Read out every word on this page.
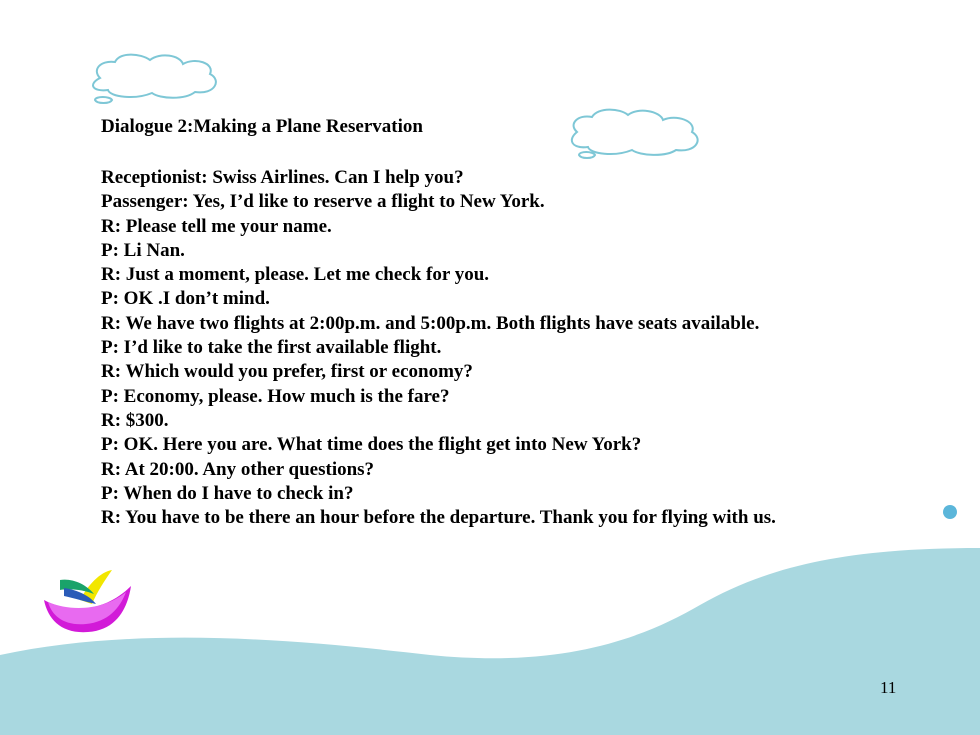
Dialogue 2:Making a Plane Reservation
Receptionist: Swiss Airlines. Can I help you?
Passenger: Yes, I’d like to reserve a flight to New York.
R: Please tell me your name.
P: Li Nan.
R: Just a moment, please. Let me check for you.
P: OK .I don’t mind.
R: We have two flights at 2:00p.m. and 5:00p.m. Both flights have seats available.
P: I’d like to take the first available flight.
R: Which would you prefer, first or economy?
P: Economy, please. How much is the fare?
R: $300.
P: OK. Here you are. What time does the flight get into New York?
R: At 20:00. Any other questions?
P: When do I have to check in?
R: You have to be there an hour before the departure. Thank you for flying with us.
11
